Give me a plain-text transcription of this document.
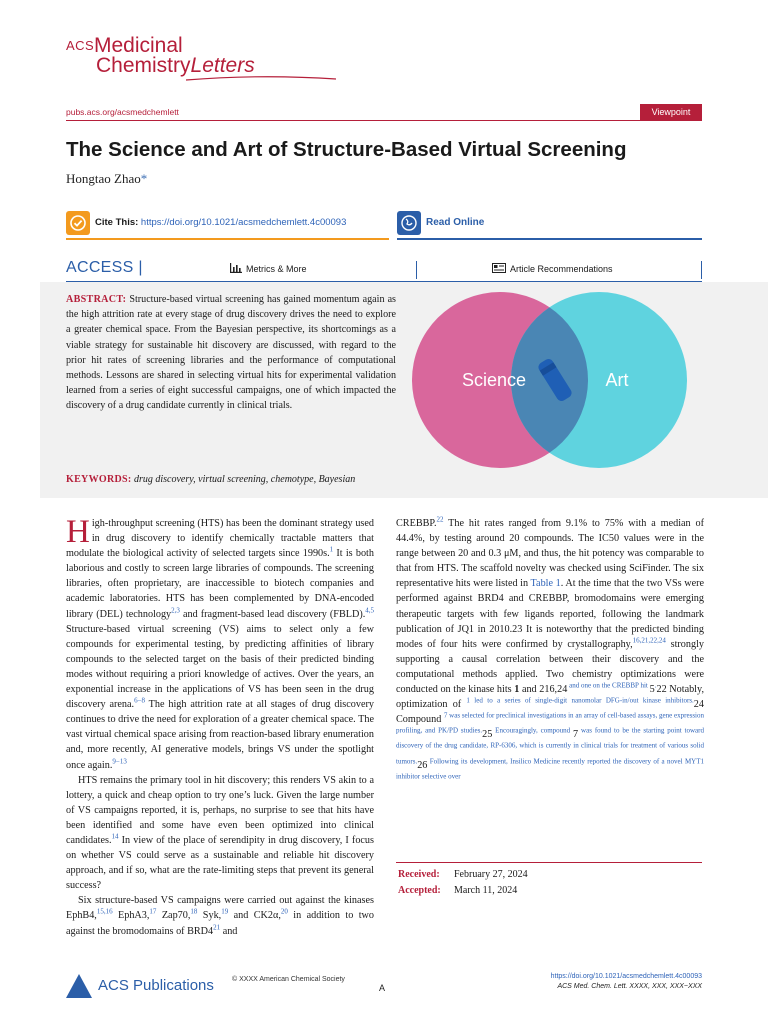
ACS Medicinal
ChemistryLetters
pubs.acs.org/acsmedchemlett	Viewpoint
The Science and Art of Structure-Based Virtual Screening
Hongtao Zhao*
Cite This: https://doi.org/10.1021/acsmedchemlett.4c00093	Read Online
ACCESS |	Metrics & More	Article Recommendations

ABSTRACT: Structure-based virtual screening has gained momentum again as the high attrition rate at every stage of drug discovery drives the need to explore a greater chemical space. From the Bayesian perspective, its shortcomings as a viable strategy for sustainable hit discovery are discussed, with regard to the prior hit rates of screening libraries and the performance of computational methods. Lessons are shared in selecting virtual hits for experimental validation learned from a series of eight successful campaigns, one of which impacted the discovery of a drug candidate currently in clinical trials.

KEYWORDS: drug discovery, virtual screening, chemotype, Bayesian
Science	Art

High-throughput screening (HTS) has been the dominant strategy used in drug discovery to identify chemically tractable matters that modulate the biological activity of selected targets since 1990s.$^1$ It is both laborious and costly to screen large libraries of compounds. The screening libraries, often proprietary, are inaccessible to biotech companies and academic laboratories. HTS has been complemented by DNA-encoded library (DEL) technology$^{2,3}$ and fragment-based lead discovery (FBLD).$^{4,5}$ Structure-based virtual screening (VS) aims to select only a few compounds for experimental testing, by predicting affinities of library compounds to the selected target on the basis of their predicted binding modes without requiring a priori knowledge of actives. Over the years, an exponential increase in the applications of VS has been seen in the drug discovery arena.$^{6-8}$ The high attrition rate at all stages of drug discovery continues to drive the need for exploration of a greater chemical space. The vast virtual chemical space arising from reaction-based library enumeration and, more recently, AI generative models, brings VS under the spotlight once again.$^{9-13}$

HTS remains the primary tool in hit discovery; this renders VS akin to a lottery, a quick and cheap option to try one’s luck. Given the large number of VS campaigns reported, it is, perhaps, no surprise to see that hits have been identified and some have even been optimized into clinical candidates.$^{14}$ In view of the place of serendipity in drug discovery, I focus on whether VS could serve as a sustainable and reliable hit discovery approach, and if so, what are the rate-limiting steps that prevent its general success?

Six structure-based VS campaigns were carried out against the kinases EphB4,$^{15,16}$ EphA3,17 Zap70,18 Syk,$^{19}$ and CK2α,$^{20}$ in addition to two against the bromodomains of BRD4$^{21}$ and

CREBBP.$^{22}$ The hit rates ranged from 9.1% to 75% with a median of 44.4%, by testing around 20 compounds. The IC50 values were in the range between 20 and 0.3 μM, and thus, the hit potency was comparable to that from HTS. The scaffold novelty was checked using SciFinder. The six representative hits were listed in Table 1. At the time that the two VSs were performed against BRD4 and CREBBP, bromodomains were emerging therapeutic targets with few ligands reported, following the landmark publication of JQ1 in 2010.23 It is noteworthy that the predicted binding modes of four hits were confirmed by crystallography,$^{16,21,22,24}$ strongly supporting a causal correlation between their discovery and the computational methods applied. Two chemistry optimizations were conducted on the kinase hits 1 and 216,24 $^{and one on the CREBBP hit}$ 5.22 Notably, optimization of $^1$ $^{led to a series of single-digit nanomolar DFG-in/out kinase inhibitors.}$24 Compound $^7$ $^{was selected for preclinical investigations in an array of cell-based assays, gene expression profiling, and PK/PD studies.}$25 $^{Encouragingly, compound}$ 7 $^{was found to be the starting point toward discovery of the drug candidate, RP-6306, which is currently in clinical trials for treatment of various solid tumors.}$26 $^{Following its development, Insilico Medicine recently reported the discovery of a novel MYT1 inhibitor selective over}$

Received: February 27, 2024
Accepted: March 11, 2024
ACS Publications	© XXXX American Chemical Society
A
https://doi.org/10.1021/acsmedchemlett.4c00093
ACS Med. Chem. Lett. XXXX, XXX, XXX−XXX
